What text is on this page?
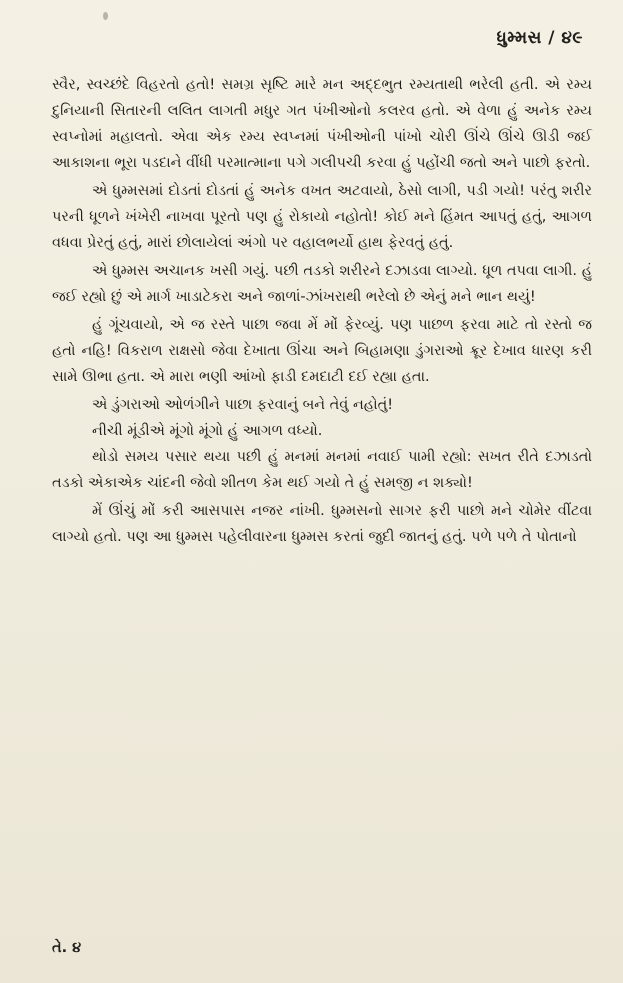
ધુમ્મસ / ૪૯

સ્વૈર, સ્વચ્છંદે વિહરતો હતો! સમગ્ર સૃષ્ટિ મારે મન અદ્દભુત રમ્યતાથી ભરેલી હતી. એ રમ્ય દુનિયાની સિતારની લલિત લાગતી મધુર ગત પંખીઓનો કલરવ હતો. એ વેળા હું અનેક રમ્ય સ્વપ્નોમાં મહાલતો. એવા એક રમ્ય સ્વપ્નમાં પંખીઓની પાંખો ચોરી ઊંચે ઊંચે ઊડી જઈ આકાશના ભૂરા પડદાને વીંધી પરમાત્માના પગે ગલીપચી કરવા હું પહોંચી જતો અને પાછો ફરતો.

એ ધુમ્મસમાં દોડતાં દોડતાં હું અનેક વખત અટવાયો, ઠેસો લાગી, પડી ગયો! પરંતુ શરીર પરની ધૂળને ખંખેરી નાખવા પૂરતો પણ હું રોકાયો નહોતો! કોઈ મને હિંમત આપતું હતું, આગળ વધવા પ્રેરતું હતું, મારાં છોલાયેલાં અંગો પર વહાલભર્યો હાથ ફેરવતું હતું.

એ ધુમ્મસ અચાનક ખસી ગયું. પછી તડકો શરીરને દઝાડવા લાગ્યો. ધૂળ તપવા લાગી. હું જઈ રહ્યો છું એ માર્ગ ખાડાટેકરા અને જાળાં-ઝાંખરાથી ભરેલો છે એનું મને ભાન થયું!

હું ગૂંચવાયો, એ જ રસ્તે પાછા જવા મેં મોં ફેરવ્યું. પણ પાછળ ફરવા માટે તો રસ્તો જ હતો નહિ! વિકરાળ રાક્ષસો જેવા દેખાતા ઊંચા અને બિહામણા ડુંગરાઓ ક્રૂર દેખાવ ધારણ કરી સામે ઊભા હતા. એ મારા ભણી આંખો ફાડી દમદાટી દઈ રહ્યા હતા.

એ ડુંગરાઓ ઓળંગીને પાછા ફરવાનું બને તેવું નહોતું!

નીચી મૂંડીએ મૂંગો મૂંગો હું આગળ વધ્યો.

થોડો સમય પસાર થયા પછી હું મનમાં મનમાં નવાઈ પામી રહ્યો: સખત રીતે દઝાડતો તડકો એકાએક ચાંદની જેવો શીતળ કેમ થઈ ગયો તે હું સમજી ન શક્યો!

મેં ઊંચું મોં કરી આસપાસ નજર નાંખી. ધુમ્મસનો સાગર ફરી પાછો મને ચોમેર વીંટવા લાગ્યો હતો. પણ આ ધુમ્મસ પહેલીવારના ધુમ્મસ કરતાં જુદી જાતનું હતું. પળે પળે તે પોતાનો

તે. ૪
